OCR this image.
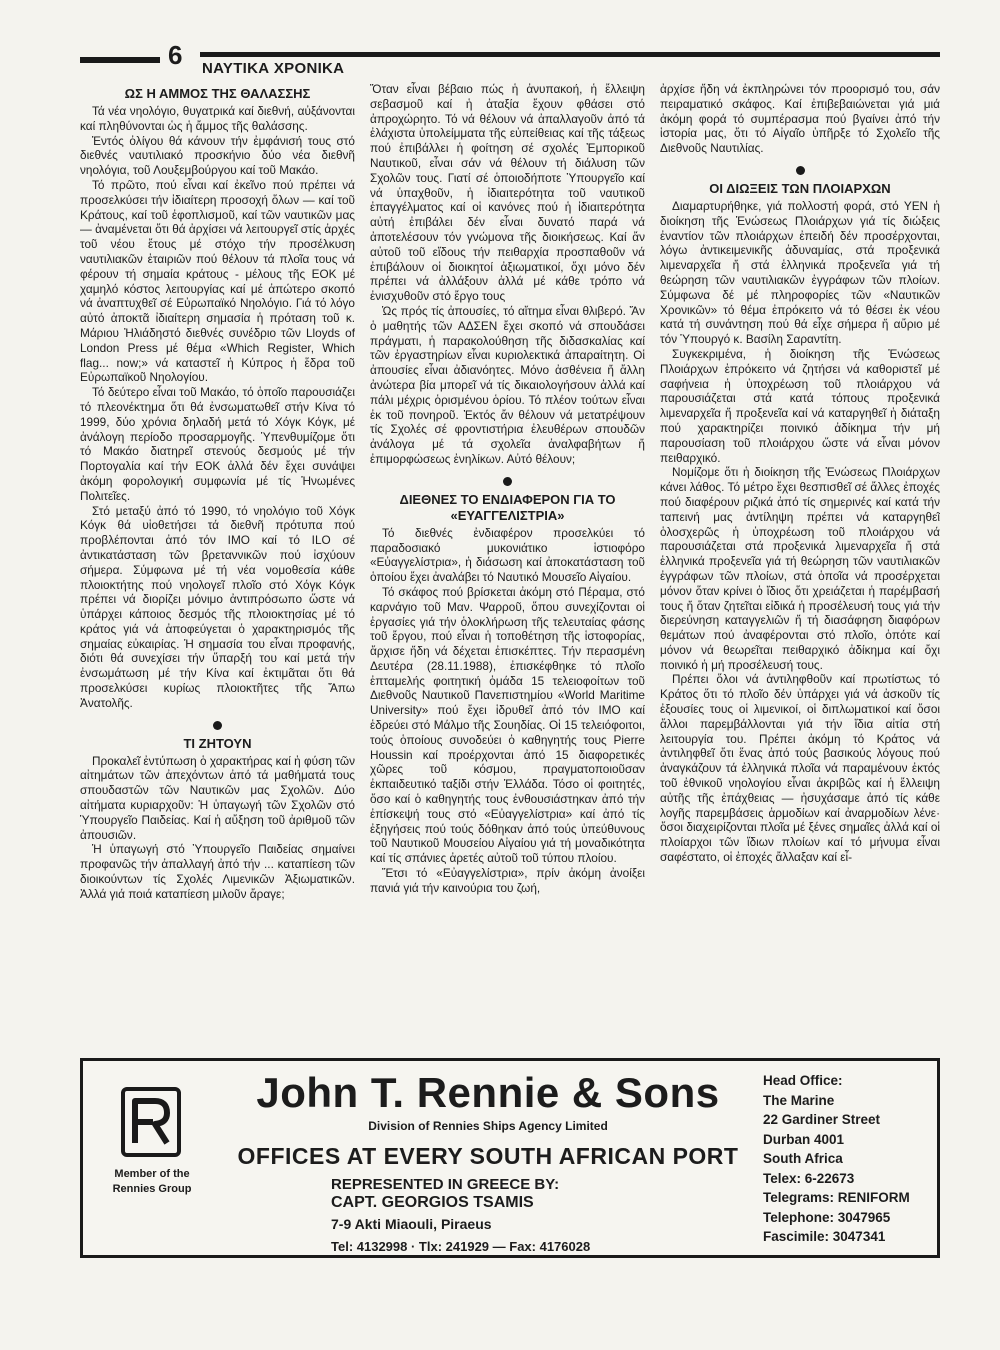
6 ΝΑΥΤΙΚΑ ΧΡΟΝΙΚΑ
ΩΣ Η ΑΜΜΟΣ ΤΗΣ ΘΑΛΑΣΣΗΣ

Τά νέα νηολόγιο, θυγατρικά καί διεθνή, αὐξάνονται καί πληθύνονται ὡς ἡ ἄμμος τῆς θαλάσσης.

Ἐντός ὀλίγου θά κάνουν τήν ἐμφάνισή τους στό διεθνές ναυτιλιακό προσκήνιο δύο νέα διεθνῆ νηολόγια, τοῦ Λουξεμβούργου καί τοῦ Μακάο.

Τό πρῶτο, πού εἶναι καί ἐκεῖνο πού πρέπει νά προσελκύσει τήν ἰδιαίτερη προσοχή ὅλων — καί τοῦ Κράτους, καί τοῦ ἐφοπλισμοῦ, καί τῶν ναυτικῶν μας — ἀναμένεται ὅτι θά ἀρχίσει νά λειτουργεῖ στίς ἀρχές τοῦ νέου ἔτους μέ στόχο τήν προσέλκυση ναυτιλιακῶν ἑταιριῶν πού θέλουν τά πλοῖα τους νά φέρουν τή σημαία κράτους - μέλους τῆς ΕΟΚ μέ χαμηλό κόστος λειτουργίας καί μέ ἀπώτερο σκοπό νά ἀναπτυχθεῖ σέ Εὐρωπαϊκό Νηολόγιο. Γιά τό λόγο αὐτό ἀποκτᾶ ἰδιαίτερη σημασία ἡ πρόταση τοῦ κ. Μάριου Ἠλιάδηστό διεθνές συνέδριο τῶν Lloyds of London Press μέ θέμα «Which Register, Which flag... now;» νά καταστεῖ ἡ Κύπρος ἡ ἕδρα τοῦ Εὐρωπαϊκοῦ Νηολογίου.

Τό δεύτερο εἶναι τοῦ Μακάο, τό ὁποῖο παρουσιάζει τό πλεονέκτημα ὅτι θά ἐνσωματωθεῖ στήν Κίνα τό 1999, δύο χρόνια δηλαδή μετά τό Χόγκ Κόγκ, μέ ἀνάλογη περίοδο προσαρμογῆς. Ὑπενθυμίζομε ὅτι τό Μακάο διατηρεῖ στενούς δεσμούς μέ τήν Πορτογαλία καί τήν ΕΟΚ ἀλλά δέν ἔχει συνάψει ἀκόμη φορολογική συμφωνία μέ τίς Ἡνωμένες Πολιτεῖες.

Στό μεταξύ ἀπό τό 1990, τό νηολόγιο τοῦ Χόγκ Κόγκ θά υἱοθετήσει τά διεθνῆ πρότυπα πού προβλέπονται ἀπό τόν ΙΜΟ καί τό ILO σέ ἀντικατάσταση τῶν βρεταννικῶν πού ἰσχύουν σήμερα. Σύμφωνα μέ τή νέα νομοθεσία κάθε πλοιοκτήτης πού νηολογεῖ πλοῖο στό Χόγκ Κόγκ πρέπει νά διορίζει μόνιμο ἀντιπρόσωπο ὥστε νά ὑπάρχει κάποιος δεσμός τῆς πλοιοκτησίας μέ τό κράτος γιά νά ἀποφεύγεται ὁ χαρακτηρισμός τῆς σημαίας εὐκαιρίας. Ἡ σημασία του εἶναι προφανής, διότι θά συνεχίσει τήν ὕπαρξή του καί μετά τήν ἐνσωμάτωση μέ τήν Κίνα καί ἐκτιμᾶται ὅτι θά προσελκύσει κυρίως πλοιοκτῆτες τῆς Ἄπω Ἀνατολῆς.

ΤΙ ΖΗΤΟΥΝ

Προκαλεῖ ἐντύπωση ὁ χαρακτήρας καί ἡ φύση τῶν αἰτημάτων τῶν ἀπεχόντων ἀπό τά μαθήματά τους σπουδαστῶν τῶν Ναυτικῶν μας Σχολῶν. Δύο αἰτήματα κυριαρχοῦν: Ἡ ὑπαγωγή τῶν Σχολῶν στό Ὑπουργεῖο Παιδείας. Καί ἡ αὔξηση τοῦ ἀριθμοῦ τῶν ἀπουσιῶν.

Ἡ ὑπαγωγή στό Ὑπουργεῖο Παιδείας σημαίνει προφανῶς τήν ἀπαλλαγή ἀπό τήν ... καταπίεση τῶν διοικούντων τίς Σχολές Λιμενικῶν Ἀξιωματικῶν. Ἀλλά γιά ποιά καταπίεση μιλοῦν ἄραγε;

Ὅταν εἶναι βέβαιο πώς ἡ ἀνυπακοή, ἡ ἔλλειψη σεβασμοῦ καί ἡ ἀταξία ἔχουν φθάσει στό ἀπροχώρητο. Τό νά θέλουν νά ἀπαλλαγοῦν ἀπό τά ἐλάχιστα ὑπολείμματα τῆς εὐπείθειας καί τῆς τάξεως πού ἐπιβάλλει ἡ φοίτηση σέ σχολές Ἐμπορικοῦ Ναυτικοῦ, εἶναι σάν νά θέλουν τή διάλυση τῶν Σχολῶν τους. Γιατί σέ ὁποιοδήποτε Ὑπουργεῖο καί νά ὑπαχθοῦν, ἡ ἰδιαιτερότητα τοῦ ναυτικοῦ ἐπαγγέλματος καί οἱ κανόνες πού ἡ ἰδιαιτερότητα αὐτή ἐπιβάλει δέν εἶναι δυνατό παρά νά ἀποτελέσουν τόν γνώμονα τῆς διοικήσεως. Καί ἄν αὐτοῦ τοῦ εἴδους τήν πειθαρχία προσπαθοῦν νά ἐπιβάλουν οἱ διοικητοί ἀξιωματικοί, ὄχι μόνο δέν πρέπει νά ἀλλάξουν ἀλλά μέ κάθε τρόπο νά ἐνισχυθοῦν στό ἔργο τους

Ὡς πρός τίς ἀπουσίες, τό αἴτημα εἶναι θλιβερό. Ἄν ὁ μαθητής τῶν ΑΔΣΕΝ ἔχει σκοπό νά σπουδάσει πράγματι, ἡ παρακολούθηση τῆς διδασκαλίας καί τῶν ἐργαστηρίων εἶναι κυριολεκτικά ἀπαραίτητη. Οἱ ἀπουσίες εἶναι ἀδιανόητες. Μόνο ἀσθένεια ἤ ἄλλη ἀνώτερα βία μπορεῖ νά τίς δικαιολογήσουν ἀλλά καί πάλι μέχρις ὁρισμένου ὁρίου. Τό πλέον τούτων εἶναι ἐκ τοῦ πονηροῦ. Ἐκτός ἄν θέλουν νά μετατρέψουν τίς Σχολές σέ φροντιστήρια ἐλευθέρων σπουδῶν ἀνάλογα μέ τά σχολεῖα ἀναλφαβήτων ἤ ἐπιμορφώσεως ἐνηλίκων. Αὐτό θέλουν;

ΔΙΕΘΝΕΣ ΤΟ ΕΝΔΙΑΦΕΡΟΝ ΓΙΑ ΤΟ «ΕΥΑΓΓΕΛΙΣΤΡΙΑ»

Τό διεθνές ἐνδιαφέρον προσελκύει τό παραδοσιακό μυκονιάτικο ἱστιοφόρο «Εὐαγγελίστρια», ἡ διάσωση καί ἀποκατάσταση τοῦ ὁποίου ἔχει ἀναλάβει τό Ναυτικό Μουσεῖο Αἰγαίου.

Τό σκάφος πού βρίσκεται ἀκόμη στό Πέραμα, στό καρνάγιο τοῦ Μαν. Ψαρροῦ, ὅπου συνεχίζονται οἱ ἐργασίες γιά τήν ὁλοκλήρωση τῆς τελευταίας φάσης τοῦ ἔργου, πού εἶναι ἡ τοποθέτηση τῆς ἱστοφορίας, ἄρχισε ἤδη νά δέχεται ἐπισκέπτες. Τήν περασμένη Δευτέρα (28.11.1988), ἐπισκέφθηκε τό πλοῖο ἐπταμελής φοιτητική ὁμάδα 15 τελειοφοίτων τοῦ Διεθνοῦς Ναυτικοῦ Πανεπιστημίου «World Maritime University» πού ἔχει ἱδρυθεῖ ἀπό τόν ΙΜΟ καί ἑδρεύει στό Μάλμο τῆς Σουηδίας. Οἱ 15 τελειόφοιτοι, τούς ὁποίους συνοδεύει ὁ καθηγητής τους Pierre Houssin καί προέρχονται ἀπό 15 διαφορετικές χῶρες τοῦ κόσμου, πραγματοποιοῦσαν ἐκπαιδευτικό ταξίδι στήν Ἑλλάδα. Τόσο οἱ φοιτητές, ὅσο καί ὁ καθηγητής τους ἐνθουσιάστηκαν ἀπό τήν ἐπίσκεψή τους στό «Εὐαγγελίστρια» καί ἀπό τίς ἐξηγήσεις πού τούς δόθηκαν ἀπό τούς ὑπεύθυνους τοῦ Ναυτικοῦ Μουσείου Αἰγαίου γιά τή μοναδικότητα καί τίς σπάνιες ἀρετές αὐτοῦ τοῦ τύπου πλοίου.

Ἔτσι τό «Εὐαγγελίστρια», πρίν ἀκόμη ἀνοίξει πανιά γιά τήν καινούρια του ζωή,

ἀρχίσε ἤδη νά ἐκπληρώνει τόν προορισμό του, σάν πειραματικό σκάφος. Καί ἐπιβεβαιώνεται γιά μιά ἀκόμη φορά τό συμπέρασμα πού βγαίνει ἀπό τήν ἱστορία μας, ὅτι τό Αἰγαῖο ὑπῆρξε τό Σχολεῖο τῆς Διεθνοῦς Ναυτιλίας.

ΟΙ ΔΙΩΞΕΙΣ ΤΩΝ ΠΛΟΙΑΡΧΩΝ

Διαμαρτυρήθηκε, γιά πολλοστή φορά, στό ΥΕΝ ἡ διοίκηση τῆς Ἑνώσεως Πλοιάρχων γιά τίς διώξεις ἐναντίον τῶν πλοιάρχων ἐπειδή δέν προσέρχονται, λόγω ἀντικειμενικῆς ἀδυναμίας, στά προξενικά λιμεναρχεῖα ἤ στά ἑλληνικά προξενεῖα γιά τή θεώρηση τῶν ναυτιλιακῶν ἐγγράφων τῶν πλοίων. Σύμφωνα δέ μέ πληροφορίες τῶν «Ναυτικῶν Χρονικῶν» τό θέμα ἐπρόκειτο νά τό θέσει ἐκ νέου κατά τή συνάντηση πού θά εἶχε σήμερα ἤ αὔριο μέ τόν Ὑπουργό κ. Βασίλη Σαραντίτη.

Συγκεκριμένα, ἡ διοίκηση τῆς Ἑνώσεως Πλοιάρχων ἐπρόκειτο νά ζητήσει νά καθοριστεῖ μέ σαφήνεια ἡ ὑποχρέωση τοῦ πλοιάρχου νά παρουσιάζεται στά κατά τόπους προξενικά λιμεναρχεῖα ἤ προξενεῖα καί νά καταργηθεῖ ἡ διάταξη πού χαρακτηρίζει ποινικό ἀδίκημα τήν μή παρουσίαση τοῦ πλοιάρχου ὥστε νά εἶναι μόνον πειθαρχικό.

Νομίζομε ὅτι ἡ διοίκηση τῆς Ἑνώσεως Πλοιάρχων κάνει λάθος. Τό μέτρο ἔχει θεσπισθεῖ σέ ἄλλες ἐποχές πού διαφέρουν ριζικά ἀπό τίς σημερινές καί κατά τήν ταπεινή μας ἀντίληψη πρέπει νά καταργηθεῖ ὁλοσχερῶς ἡ ὑποχρέωση τοῦ πλοιάρχου νά παρουσιάζεται στά προξενικά λιμεναρχεῖα ἤ στά ἑλληνικά προξενεῖα γιά τή θεώρηση τῶν ναυτιλιακῶν ἐγγράφων τῶν πλοίων, στά ὁποῖα νά προσέρχεται μόνον ὅταν κρίνει ὁ ἴδιος ὅτι χρειάζεται ἡ παρέμβασή τους ἤ ὅταν ζητεῖται εἰδικά ἡ προσέλευσή τους γιά τήν διερεύνηση καταγγελιῶν ἤ τή διασάφηση διαφόρων θεμάτων πού ἀναφέρονται στό πλοῖο, ὁπότε καί μόνον νά θεωρεῖται πειθαρχικό ἀδίκημα καί ὄχι ποινικό ἡ μή προσέλευσή τους.

Πρέπει ὅλοι νά ἀντιληφθοῦν καί πρωτίστως τό Κράτος ὅτι τό πλοῖο δέν ὑπάρχει γιά νά ἀσκοῦν τίς ἐξουσίες τους οἱ λιμενικοί, οἱ διπλωματικοί καί ὅσοι ἄλλοι παρεμβάλλονται γιά τήν ἴδια αἰτία στή λειτουργία του. Πρέπει ἀκόμη τό Κράτος νά ἀντιληφθεῖ ὅτι ἕνας ἀπό τούς βασικούς λόγους πού ἀναγκάζουν τά ἑλληνικά πλοῖα νά παραμένουν ἐκτός τοῦ ἐθνικοῦ νηολογίου εἶναι ἀκριβῶς καί ἡ ἔλλειψη αὐτῆς τῆς ἐπάχθειας — ἠσυχάσαμε ἀπό τίς κάθε λογῆς παρεμβάσεις ἁρμοδίων καί ἀναρμοδίων λένε· ὅσοι διαχειρίζονται πλοῖα μέ ξένες σημαῖες ἀλλά καί οἱ πλοίαρχοι τῶν ἴδιων πλοίων καί τό μήνυμα εἶναι σαφέστατο, οἱ ἐποχές ἄλλαξαν καί εἶ-

Member of the
Rennies Group
John T. Rennie & Sons
Division of Rennies Ships Agency Limited
OFFICES AT EVERY SOUTH AFRICAN PORT
REPRESENTED IN GREECE BY:
CAPT. GEORGIOS TSAMIS
7-9 Akti Miaouli, Piraeus
Tel: 4132998 · Tlx: 241929 — Fax: 4176028
Head Office:
The Marine
22 Gardiner Street
Durban 4001
South Africa
Telex: 6-22673
Telegrams: RENIFORM
Telephone: 3047965
Fascimile: 3047341
